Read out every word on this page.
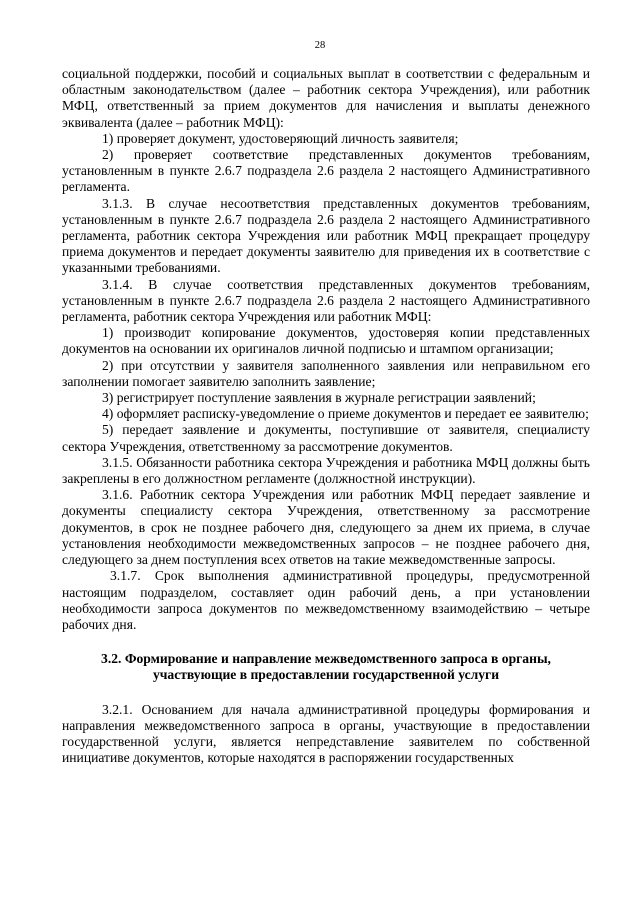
28

социальной поддержки, пособий и социальных выплат в соответствии с федеральным и областным законодательством (далее – работник сектора Учреждения), или работник МФЦ, ответственный за прием документов для начисления и выплаты денежного эквивалента (далее – работник МФЦ):

1) проверяет документ, удостоверяющий личность заявителя;

2) проверяет соответствие представленных документов требованиям, установленным в пункте 2.6.7 подраздела 2.6 раздела 2 настоящего Административного регламента.

3.1.3. В случае несоответствия представленных документов требованиям, установленным в пункте 2.6.7 подраздела 2.6 раздела 2 настоящего Административного регламента, работник сектора Учреждения или работник МФЦ прекращает процедуру приема документов и передает документы заявителю для приведения их в соответствие с указанными требованиями.

3.1.4. В случае соответствия представленных документов требованиям, установленным в пункте 2.6.7 подраздела 2.6 раздела 2 настоящего Административного регламента, работник сектора Учреждения или работник МФЦ:

1) производит копирование документов, удостоверяя копии представленных документов на основании их оригиналов личной подписью и штампом организации;

2) при отсутствии у заявителя заполненного заявления или неправильном его заполнении помогает заявителю заполнить заявление;

3) регистрирует поступление заявления в журнале регистрации заявлений;

4) оформляет расписку-уведомление о приеме документов и передает ее заявителю;

5) передает заявление и документы, поступившие от заявителя, специалисту сектора Учреждения, ответственному за рассмотрение документов.

3.1.5. Обязанности работника сектора Учреждения и работника МФЦ должны быть закреплены в его должностном регламенте (должностной инструкции).

3.1.6. Работник сектора Учреждения или работник МФЦ передает заявление и документы специалисту сектора Учреждения, ответственному за рассмотрение документов, в срок не позднее рабочего дня, следующего за днем их приема, в случае установления необходимости межведомственных запросов – не позднее рабочего дня, следующего за днем поступления всех ответов на такие межведомственные запросы.

3.1.7. Срок выполнения административной процедуры, предусмотренной настоящим подразделом, составляет один рабочий день, а при установлении необходимости запроса документов по межведомственному взаимодействию – четыре рабочих дня.

3.2. Формирование и направление межведомственного запроса в органы,
участвующие в предоставлении государственной услуги

3.2.1. Основанием для начала административной процедуры формирования и направления межведомственного запроса в органы, участвующие в предоставлении государственной услуги, является непредставление заявителем по собственной инициативе документов, которые находятся в распоряжении государственных
